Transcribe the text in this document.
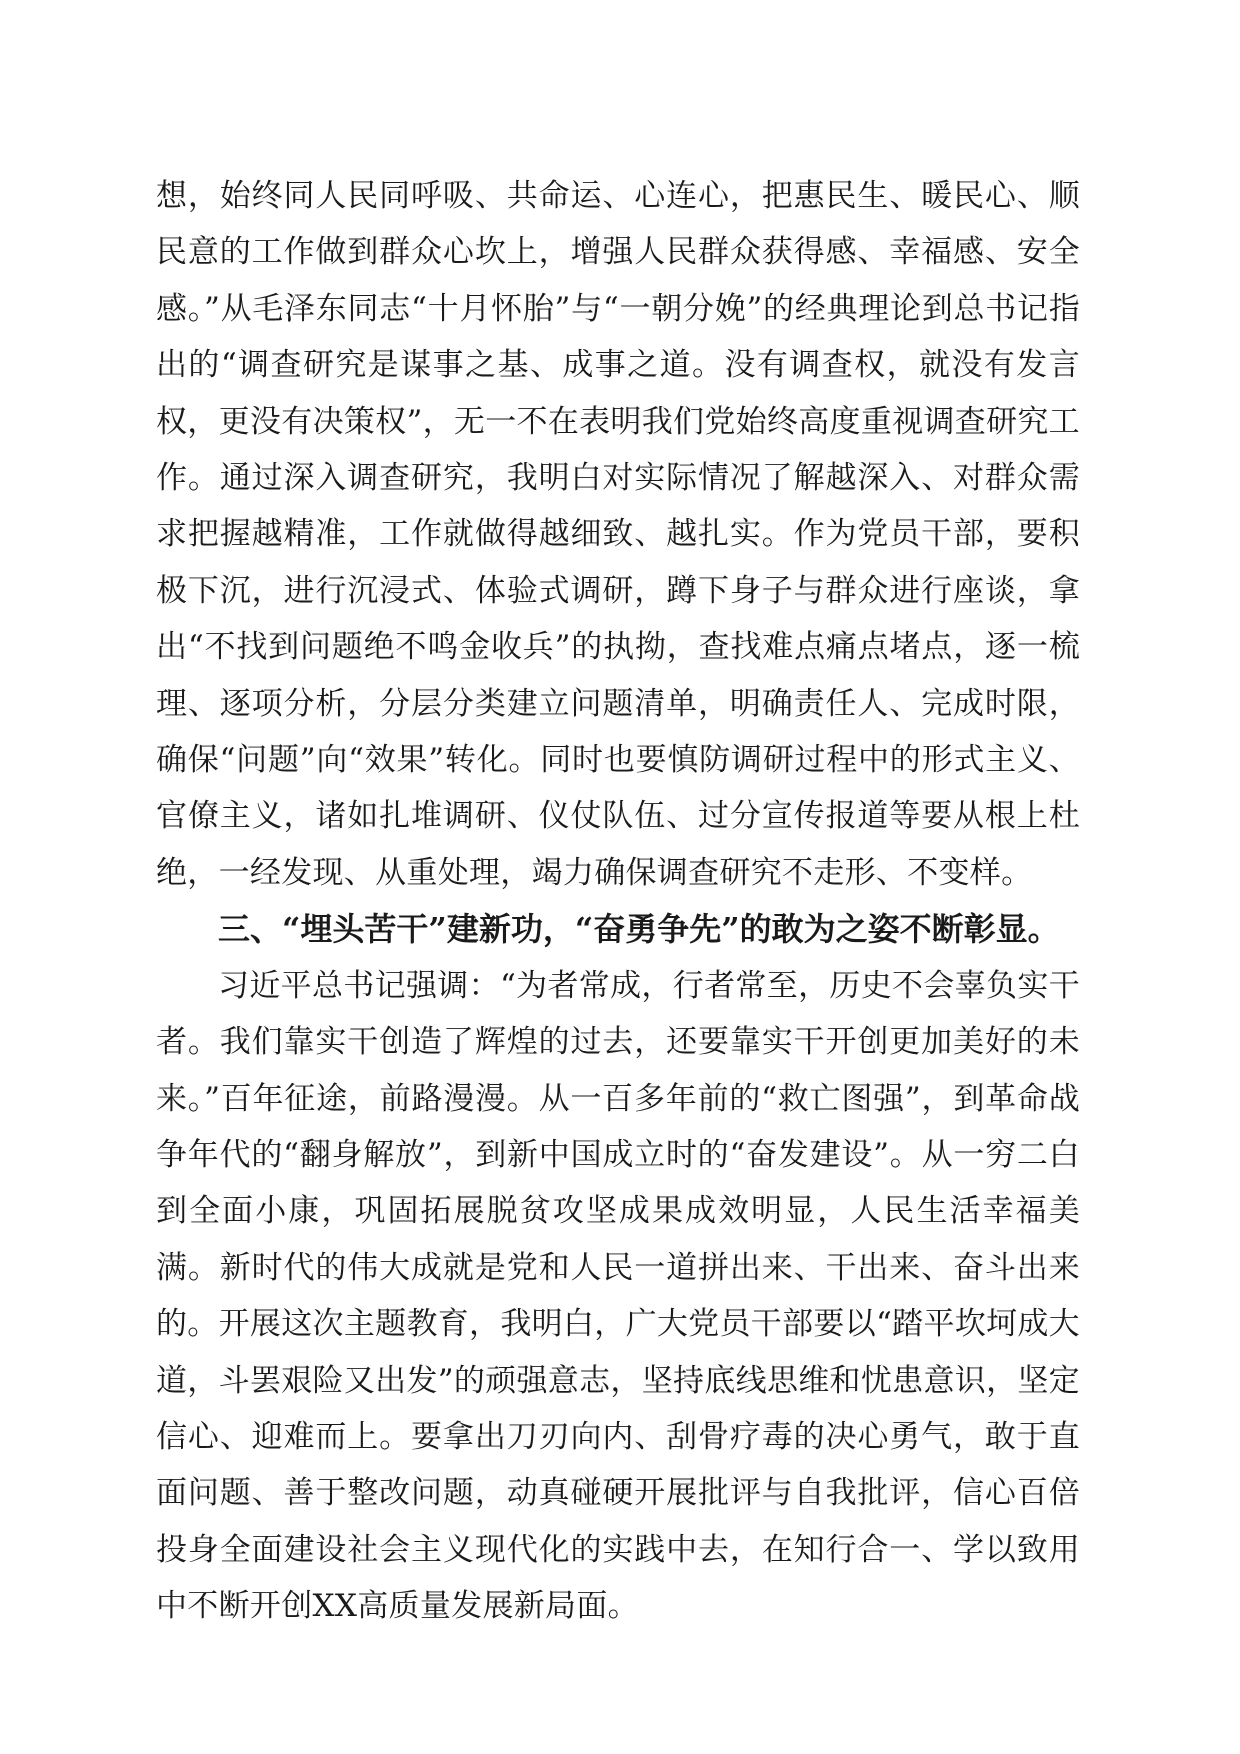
想，始终同人民同呼吸、共命运、心连心，把惠民生、暖民心、顺民意的工作做到群众心坎上，增强人民群众获得感、幸福感、安全感。”从毛泽东同志“十月怀胎”与“一朝分娩”的经典理论到总书记指出的“调查研究是谋事之基、成事之道。没有调查权，就没有发言权，更没有决策权”，无一不在表明我们党始终高度重视调查研究工作。通过深入调查研究，我明白对实际情况了解越深入、对群众需求把握越精准，工作就做得越细致、越扎实。作为党员干部，要积极下沉，进行沉浸式、体验式调研，蹲下身子与群众进行座谈，拿出“不找到问题绝不鸣金收兵”的执拗，查找难点痛点堵点，逐一梳理、逐项分析，分层分类建立问题清单，明确责任人、完成时限，确保“问题”向“效果”转化。同时也要慎防调研过程中的形式主义、官僚主义，诸如扎堆调研、仪仗队伍、过分宣传报道等要从根上杜绝，一经发现、从重处理，竭力确保调查研究不走形、不变样。

三、“埋头苦干”建新功，“奋勇争先”的敢为之姿不断彰显。

习近平总书记强调：“为者常成，行者常至，历史不会辜负实干者。我们靠实干创造了辉煌的过去，还要靠实干开创更加美好的未来。”百年征途，前路漫漫。从一百多年前的“救亡图强”，到革命战争年代的“翻身解放”，到新中国成立时的“奋发建设”。从一穷二白到全面小康，巩固拓展脱贫攻坚成果成效明显，人民生活幸福美满。新时代的伟大成就是党和人民一道拼出来、干出来、奋斗出来的。开展这次主题教育，我明白，广大党员干部要以“踏平坎坷成大道，斗罢艰险又出发”的顽强意志，坚持底线思维和忧患意识，坚定信心、迎难而上。要拿出刀刃向内、刮骨疗毒的决心勇气，敢于直面问题、善于整改问题，动真碰硬开展批评与自我批评，信心百倍投身全面建设社会主义现代化的实践中去，在知行合一、学以致用中不断开创XX高质量发展新局面。
